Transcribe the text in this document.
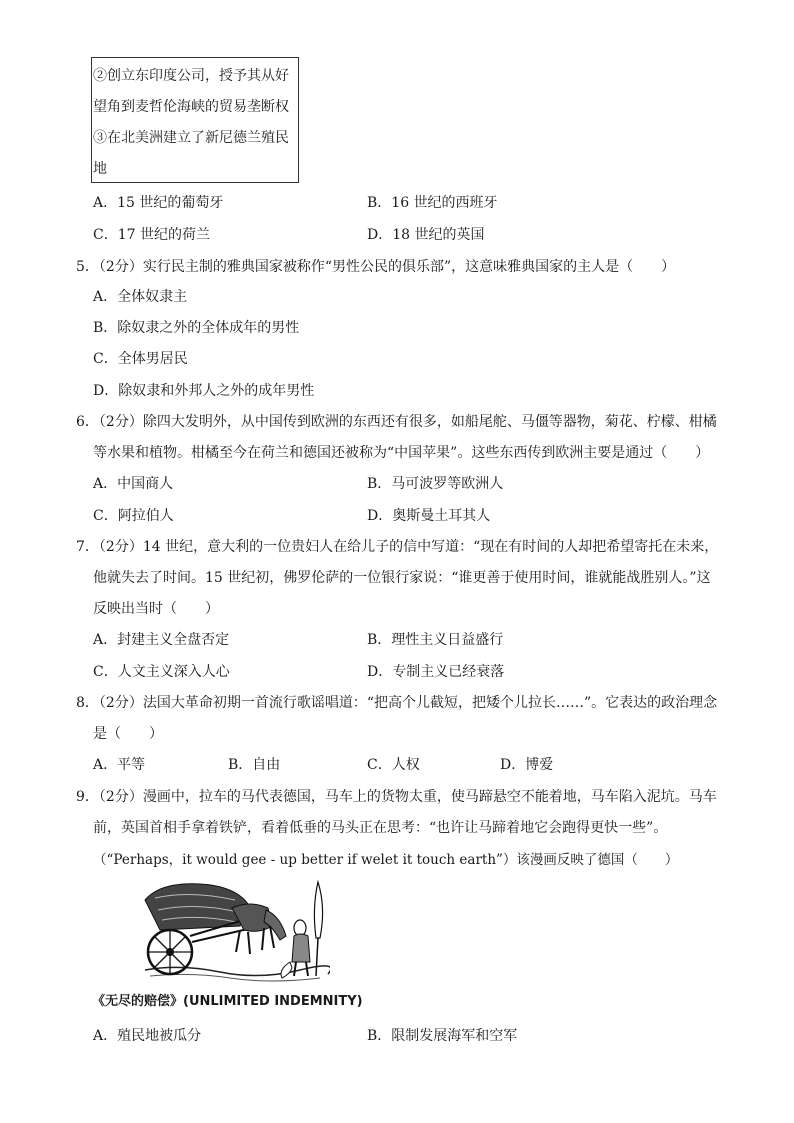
②创立东印度公司，授予其从好
望角到麦哲伦海峡的贸易垄断权
③在北美洲建立了新尼德兰殖民
地
A．15 世纪的葡萄牙	B．16 世纪的西班牙
C．17 世纪的荷兰	D．18 世纪的英国
5．（2分）实行民主制的雅典国家被称作“男性公民的俱乐部”，这意味雅典国家的主人是（　　）
A．全体奴隶主
B．除奴隶之外的全体成年的男性
C．全体男居民
D．除奴隶和外邦人之外的成年男性
6．（2分）除四大发明外，从中国传到欧洲的东西还有很多，如船尾舵、马僵等器物，菊花、柠檬、柑橘
等水果和植物。柑橘至今在荷兰和德国还被称为“中国苹果”。这些东西传到欧洲主要是通过（　　）
A．中国商人	B．马可波罗等欧洲人
C．阿拉伯人	D．奥斯曼土耳其人
7．（2分）14 世纪，意大利的一位贵妇人在给儿子的信中写道：“现在有时间的人却把希望寄托在未来，
他就失去了时间。15 世纪初，佛罗伦萨的一位银行家说：“谁更善于使用时间，谁就能战胜别人。”这
反映出当时（　　）
A．封建主义全盘否定	B．理性主义日益盛行
C．人文主义深入人心	D．专制主义已经衰落
8．（2分）法国大革命初期一首流行歌谣唱道：“把高个儿截短，把矮个儿拉长……”。它表达的政治理念
是（　　）
A．平等	B．自由	C．人权	D．博爱
9．（2分）漫画中，拉车的马代表德国，马车上的货物太重，使马蹄悬空不能着地，马车陷入泥坑。马车
前，英国首相手拿着铁铲，看着低垂的马头正在思考：“也许让马蹄着地它会跑得更快一些”。
（“Perhaps，it would gee - up better if welet it touch earth”）该漫画反映了德国（　　）
《无尽的赔偿》(UNLIMITED INDEMNITY)
A．殖民地被瓜分	B．限制发展海军和空军
